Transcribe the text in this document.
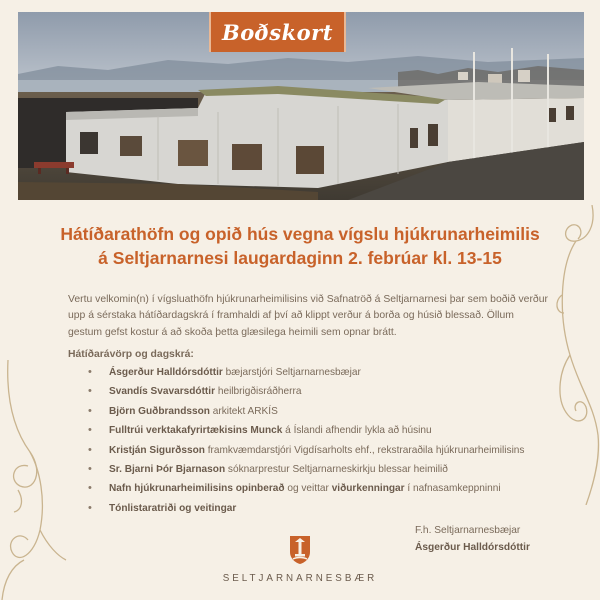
Boðskort
Hátíðarathöfn og opið hús vegna vígslu hjúkrunarheimilis
á Seltjarnarnesi laugardaginn 2. febrúar kl. 13-15
Vertu velkomin(n) í vígsluathöfn hjúkrunarheimilisins við Safnatröð á Seltjarnarnesi þar sem boðið verður upp á sérstaka hátíðardagskrá í framhaldi af því að klippt verður á borða og húsið blessað. Öllum gestum gefst kostur á að skoða þetta glæsilega heimili sem opnar brátt.
Hátíðarávörp og dagskrá:
• Ásgerður Halldórsdóttir bæjarstjóri Seltjarnarnesbæjar
• Svandís Svavarsdóttir heilbrigðisráðherra
• Björn Guðbrandsson arkitekt ARKÍS
• Fulltrúi verktakafyrirtækisins Munck á Íslandi afhendir lykla að húsinu
• Kristján Sigurðsson framkvæmdarstjóri Vigdísarholts ehf., rekstraraðila hjúkrunarheimilisins
• Sr. Bjarni Þór Bjarnason sóknarprestur Seltjarnarneskirkju blessar heimilið
• Nafn hjúkrunarheimilisins opinberað og veittar viðurkenningar í nafnasamkeppninni
• Tónlistaratriði og veitingar
F.h. Seltjarnarnesbæjar
Ásgerður Halldórsdóttir
SELTJARNARNESBÆR
